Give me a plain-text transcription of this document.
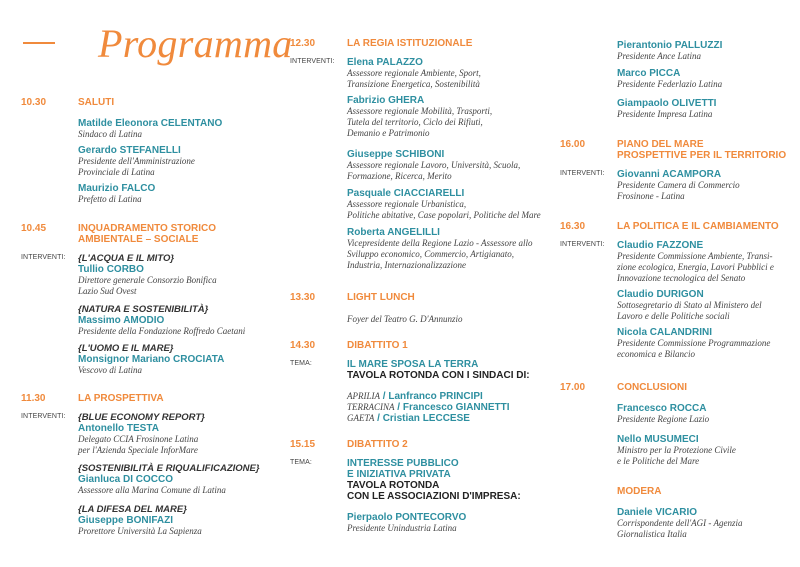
Programma
10.30	SALUTI
Matilde Eleonora CELENTANO
Sindaco di Latina
Gerardo STEFANELLI
Presidente dell'Amministrazione
Provinciale di Latina
Maurizio FALCO
Prefetto di Latina
10.45	INQUADRAMENTO STORICO
AMBIENTALE – SOCIALE
INTERVENTI: {L'ACQUA E IL MITO}
Tullio CORBO
Direttore generale Consorzio Bonifica
Lazio Sud Ovest
{NATURA E SOSTENIBILITÀ}
Massimo AMODIO
Presidente della Fondazione Roffredo Caetani
{L'UOMO E IL MARE}
Monsignor Mariano CROCIATA
Vescovo di Latina
11.30	LA PROSPETTIVA
INTERVENTI: {BLUE ECONOMY REPORT}
Antonello TESTA
Delegato CCIA Frosinone Latina
per l'Azienda Speciale InforMare
{SOSTENIBILITÀ E RIQUALIFICAZIONE}
Gianluca DI COCCO
Assessore alla Marina Comune di Latina
{LA DIFESA DEL MARE}
Giuseppe BONIFAZI
Prorettore Università La Sapienza
12.30	LA REGIA ISTITUZIONALE
INTERVENTI: Elena PALAZZO
Assessore regionale Ambiente, Sport,
Transizione Energetica, Sostenibilità
Fabrizio GHERA
Assessore regionale Mobilità, Trasporti,
Tutela del territorio, Ciclo dei Rifiuti,
Demanio e Patrimonio
Giuseppe SCHIBONI
Assessore regionale Lavoro, Università, Scuola,
Formazione, Ricerca, Merito
Pasquale CIACCIARELLI
Assessore regionale Urbanistica,
Politiche abitative, Case popolari, Politiche del Mare
Roberta ANGELILLI
Vicepresidente della Regione Lazio - Assessore allo
Sviluppo economico, Commercio, Artigianato,
Industria, Internazionalizzazione
13.30	LIGHT LUNCH
Foyer del Teatro G. D'Annunzio
14.30	DIBATTITO 1
TEMA:	IL MARE SPOSA LA TERRA
TAVOLA ROTONDA CON I SINDACI DI:
APRILIA / Lanfranco PRINCIPI
TERRACINA / Francesco GIANNETTI
GAETA / Cristian LECCESE
15.15	DIBATTITO 2
TEMA:	INTERESSE PUBBLICO
E INIZIATIVA PRIVATA
TAVOLA ROTONDA
CON LE ASSOCIAZIONI D'IMPRESA:
Pierpaolo PONTECORVO
Presidente Unindustria Latina
Pierantonio PALLUZZI
Presidente Ance Latina
Marco PICCA
Presidente Federlazio Latina
Giampaolo OLIVETTI
Presidente Impresa Latina
16.00	PIANO DEL MARE
PROSPETTIVE PER IL TERRITORIO
INTERVENTI: Giovanni ACAMPORA
Presidente Camera di Commercio
Frosinone - Latina
16.30	LA POLITICA E IL CAMBIAMENTO
INTERVENTI: Claudio FAZZONE
Presidente Commissione Ambiente, Transi-
zione ecologica, Energia, Lavori Pubblici e
Innovazione tecnologica del Senato
Claudio DURIGON
Sottosegretario di Stato al Ministero del
Lavoro e delle Politiche sociali
Nicola CALANDRINI
Presidente Commissione Programmazione
economica e Bilancio
17.00	CONCLUSIONI
Francesco ROCCA
Presidente Regione Lazio
Nello MUSUMECI
Ministro per la Protezione Civile
e le Politiche del Mare
MODERA
Daniele VICARIO
Corrispondente dell'AGI - Agenzia
Giornalistica Italia
